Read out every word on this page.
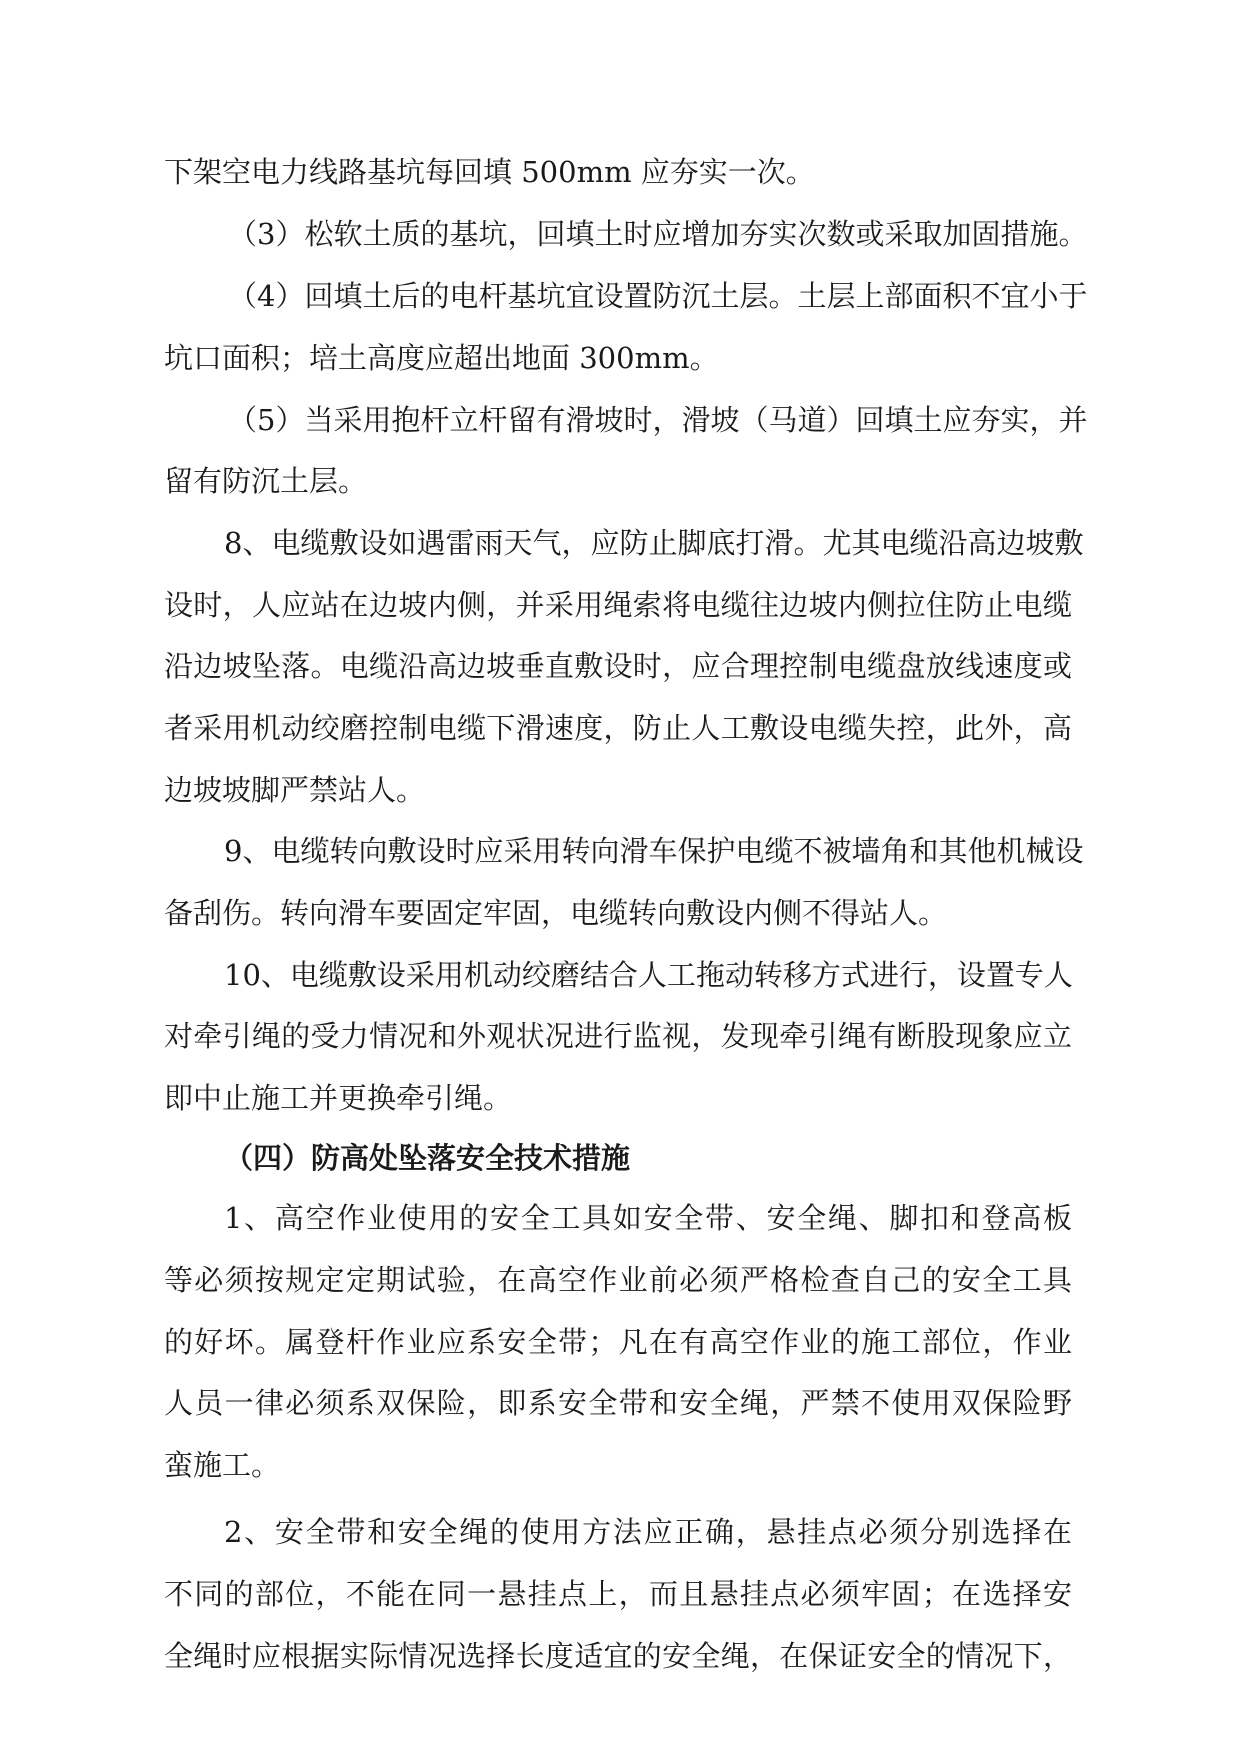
下架空电力线路基坑每回填 500mm 应夯实一次。
（3）松软土质的基坑，回填土时应增加夯实次数或采取加固措施。
（4）回填土后的电杆基坑宜设置防沉土层。土层上部面积不宜小于
坑口面积；培土高度应超出地面 300mm。
（5）当采用抱杆立杆留有滑坡时，滑坡（马道）回填土应夯实，并
留有防沉土层。
8、电缆敷设如遇雷雨天气，应防止脚底打滑。尤其电缆沿高边坡敷
设时，人应站在边坡内侧，并采用绳索将电缆往边坡内侧拉住防止电缆
沿边坡坠落。电缆沿高边坡垂直敷设时，应合理控制电缆盘放线速度或
者采用机动绞磨控制电缆下滑速度，防止人工敷设电缆失控，此外，高
边坡坡脚严禁站人。
9、电缆转向敷设时应采用转向滑车保护电缆不被墙角和其他机械设
备刮伤。转向滑车要固定牢固，电缆转向敷设内侧不得站人。
10、电缆敷设采用机动绞磨结合人工拖动转移方式进行，设置专人
对牵引绳的受力情况和外观状况进行监视，发现牵引绳有断股现象应立
即中止施工并更换牵引绳。
（四）防高处坠落安全技术措施
1、高空作业使用的安全工具如安全带、安全绳、脚扣和登高板
等必须按规定定期试验，在高空作业前必须严格检查自己的安全工具
的好坏。属登杆作业应系安全带；凡在有高空作业的施工部位，作业
人员一律必须系双保险，即系安全带和安全绳，严禁不使用双保险野
蛮施工。
2、安全带和安全绳的使用方法应正确，悬挂点必须分别选择在
不同的部位，不能在同一悬挂点上，而且悬挂点必须牢固；在选择安
全绳时应根据实际情况选择长度适宜的安全绳，在保证安全的情况下，
